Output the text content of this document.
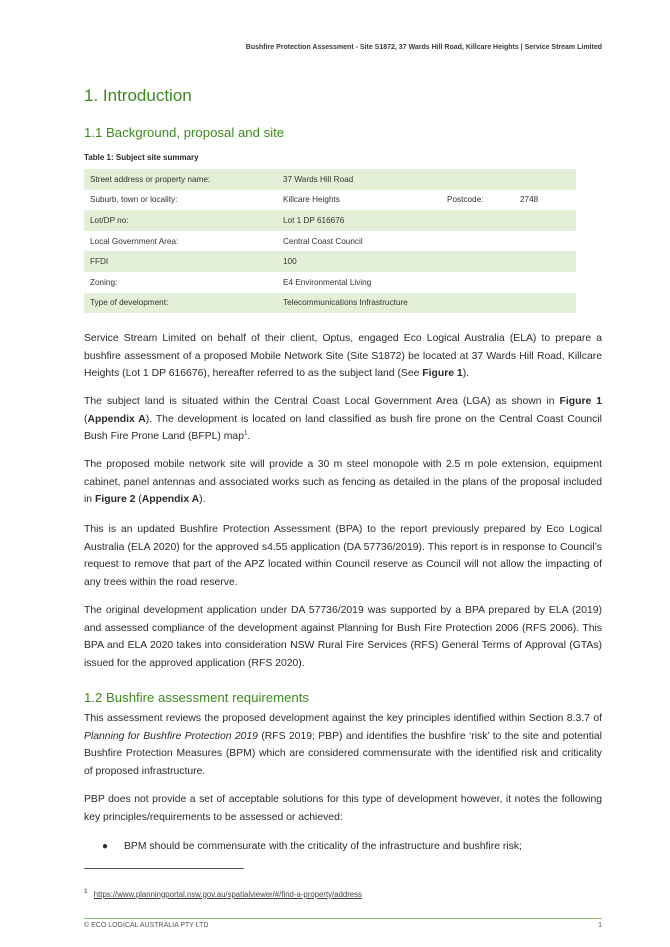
Bushfire Protection Assessment - Site S1872, 37 Wards Hill Road, Killcare Heights | Service Stream Limited
1. Introduction
1.1 Background, proposal and site
Table 1: Subject site summary
Street address or property name:	37 Wards Hill Road		
Suburb, town or locality:	Killcare Heights	Postcode:	2748
Lot/DP no:	Lot 1 DP 616676		
Local Government Area:	Central Coast Council		
FFDI	100		
Zoning:	E4 Environmental Living		
Type of development:	Telecommunications Infrastructure		

Service Stream Limited on behalf of their client, Optus, engaged Eco Logical Australia (ELA) to prepare a bushfire assessment of a proposed Mobile Network Site (Site S1872) be located at 37 Wards Hill Road, Killcare Heights (Lot 1 DP 616676), hereafter referred to as the subject land (See Figure 1).

The subject land is situated within the Central Coast Local Government Area (LGA) as shown in Figure 1 (Appendix A). The development is located on land classified as bush fire prone on the Central Coast Council Bush Fire Prone Land (BFPL) map$^1$.

The proposed mobile network site will provide a 30 m steel monopole with 2.5 m pole extension, equipment cabinet, panel antennas and associated works such as fencing as detailed in the plans of the proposal included in Figure 2 (Appendix A).

This is an updated Bushfire Protection Assessment (BPA) to the report previously prepared by Eco Logical Australia (ELA 2020) for the approved s4.55 application (DA 57736/2019). This report is in response to Council’s request to remove that part of the APZ located within Council reserve as Council will not allow the impacting of any trees within the road reserve.

The original development application under DA 57736/2019 was supported by a BPA prepared by ELA (2019) and assessed compliance of the development against Planning for Bush Fire Protection 2006 (RFS 2006). This BPA and ELA 2020 takes into consideration NSW Rural Fire Services (RFS) General Terms of Approval (GTAs) issued for the approved application (RFS 2020).

1.2 Bushfire assessment requirements

This assessment reviews the proposed development against the key principles identified within Section 8.3.7 of Planning for Bushfire Protection 2019 (RFS 2019; PBP) and identifies the bushfire ‘risk’ to the site and potential Bushfire Protection Measures (BPM) which are considered commensurate with the identified risk and criticality of proposed infrastructure.

PBP does not provide a set of acceptable solutions for this type of development however, it notes the following key principles/requirements to be assessed or achieved:

● BPM should be commensurate with the criticality of the infrastructure and bushfire risk;
$^1$ https://www.planningportal.nsw.gov.au/spatialviewer/#/find-a-property/address
© ECO LOGICAL AUSTRALIA PTY LTD	1
